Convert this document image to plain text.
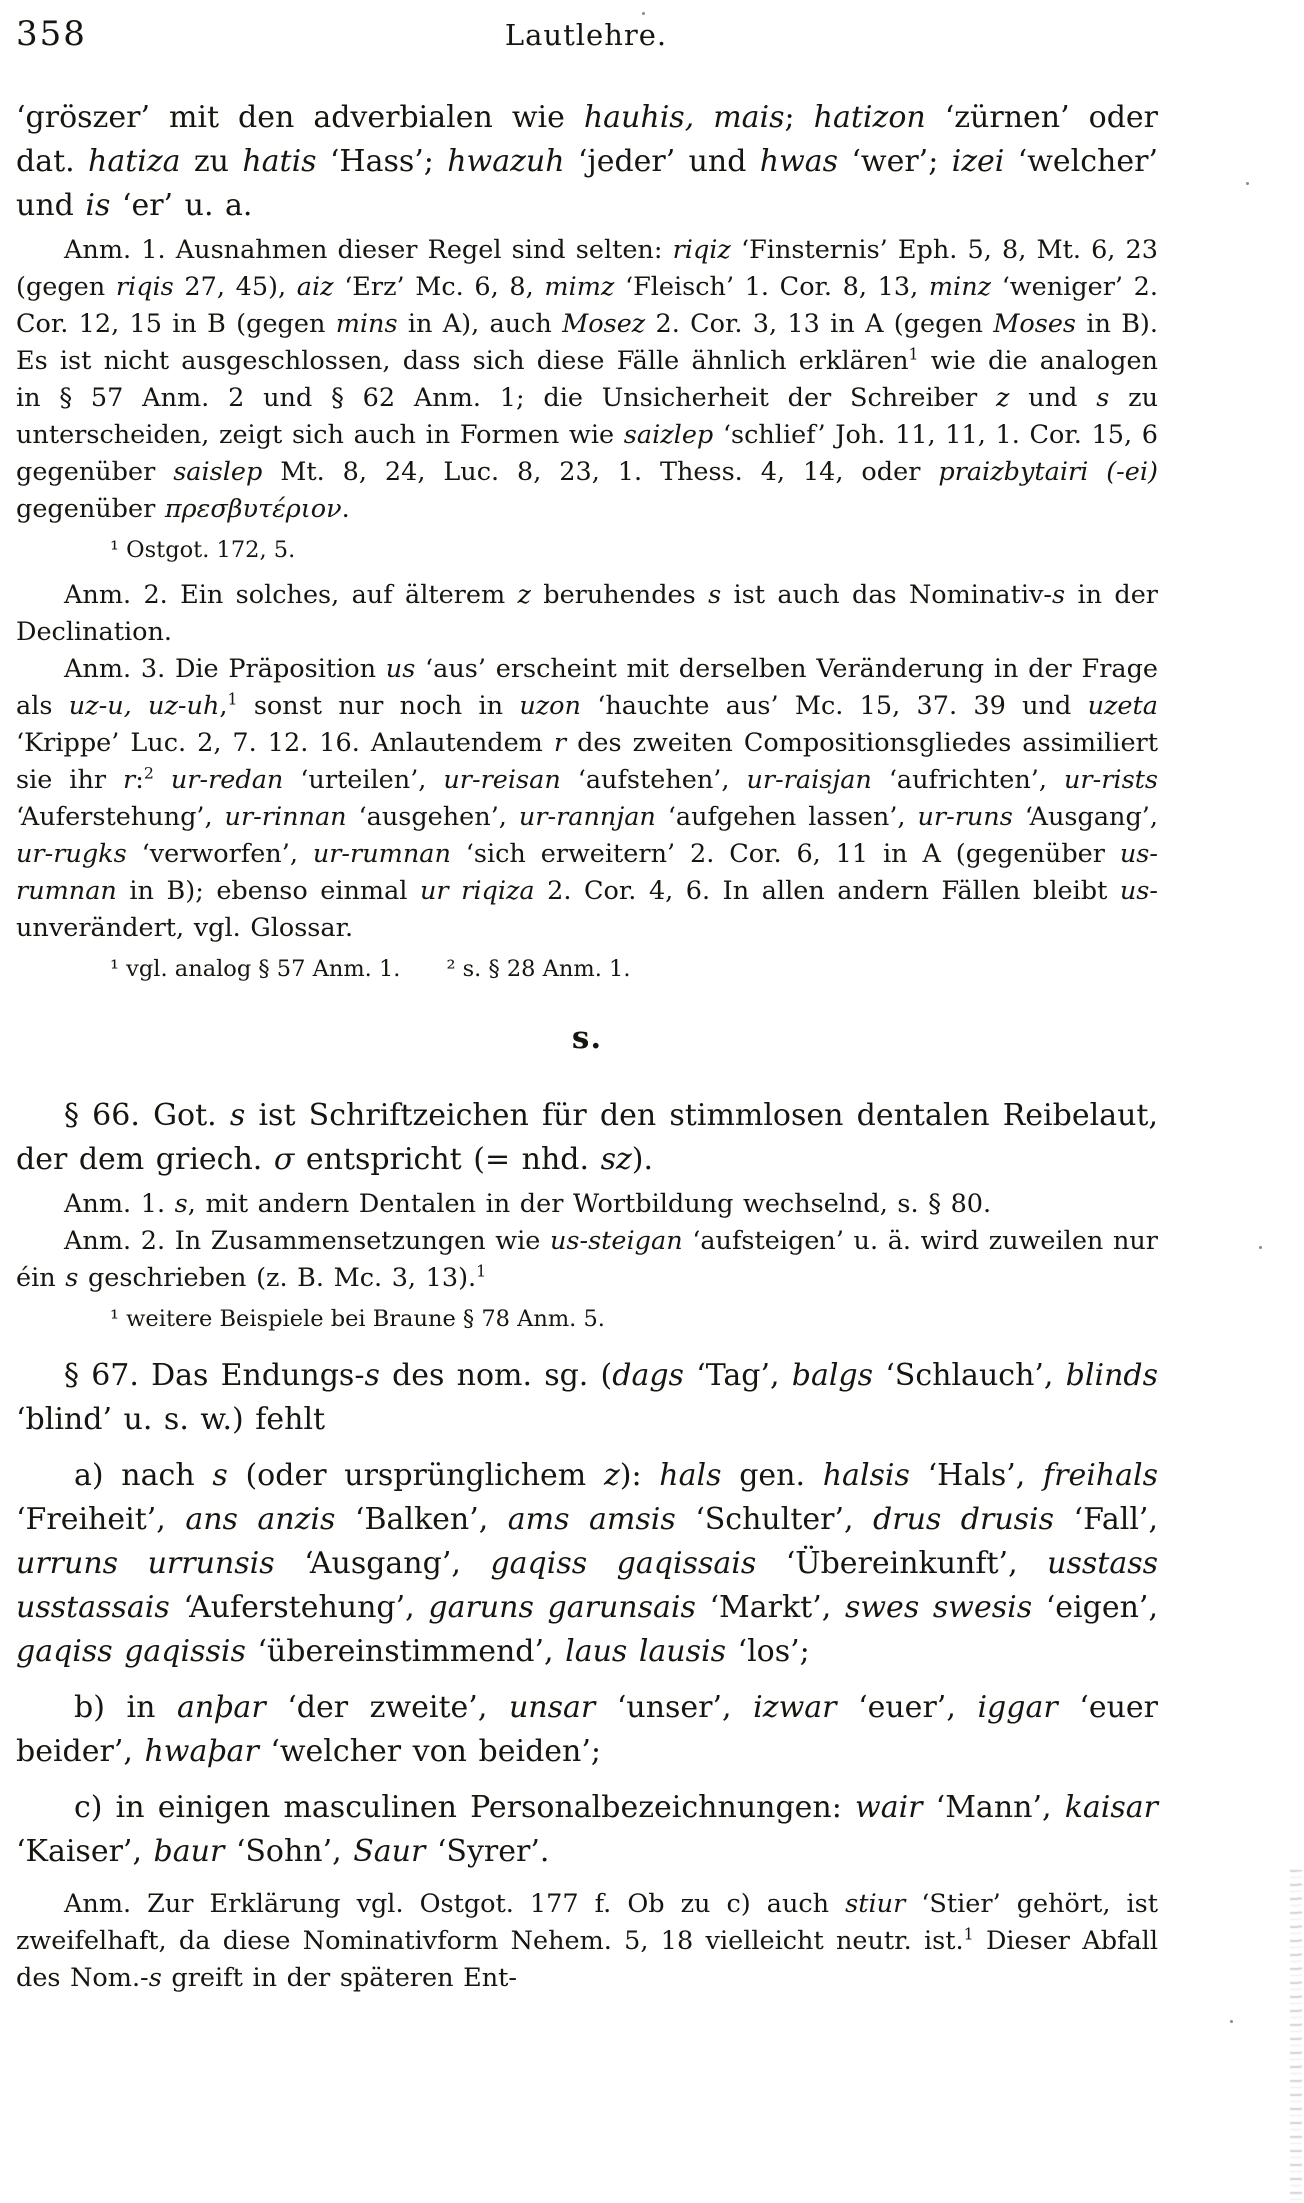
358	Lautlehre.

‘gröszer’ mit den adverbialen wie hauhis, mais; hatizon ‘zürnen’ oder dat. hatiza zu hatis ‘Hass’; hwazuh ‘jeder’ und hwas ‘wer’; izei ‘welcher’ und is ‘er’ u. a.

Anm. 1. Ausnahmen dieser Regel sind selten: riqiz ‘Finsternis’ Eph. 5, 8, Mt. 6, 23 (gegen riqis 27, 45), aiz ‘Erz’ Mc. 6, 8, mimz ‘Fleisch’ 1. Cor. 8, 13, minz ‘weniger’ 2. Cor. 12, 15 in B (gegen mins in A), auch Mosez 2. Cor. 3, 13 in A (gegen Moses in B). Es ist nicht ausgeschlossen, dass sich diese Fälle ähnlich erklären$^1$ wie die analogen in § 57 Anm. 2 und § 62 Anm. 1; die Unsicherheit der Schreiber z und s zu unterscheiden, zeigt sich auch in Formen wie saizlep ‘schlief’ Joh. 11, 11, 1. Cor. 15, 6 gegenüber saislep Mt. 8, 24, Luc. 8, 23, 1. Thess. 4, 14, oder praizbytairi (-ei) gegenüber πρεσβυτέριον.

¹ Ostgot. 172, 5.

Anm. 2. Ein solches, auf älterem z beruhendes s ist auch das Nominativ-s in der Declination.

Anm. 3. Die Präposition us ‘aus’ erscheint mit derselben Veränderung in der Frage als uz-u, uz-uh,$^1$ sonst nur noch in uzon ‘hauchte aus’ Mc. 15, 37. 39 und uzeta ‘Krippe’ Luc. 2, 7. 12. 16. Anlautendem r des zweiten Compositionsgliedes assimiliert sie ihr r:$^2$ ur-redan ‘urteilen’, ur-reisan ‘aufstehen’, ur-raisjan ‘aufrichten’, ur-rists ‘Auferstehung’, ur-rinnan ‘ausgehen’, ur-rannjan ‘aufgehen lassen’, ur-runs ‘Ausgang’, ur-rugks ‘verworfen’, ur-rumnan ‘sich erweitern’ 2. Cor. 6, 11 in A (gegenüber us-rumnan in B); ebenso einmal ur riqiza 2. Cor. 4, 6. In allen andern Fällen bleibt us- unverändert, vgl. Glossar.

¹ vgl. analog § 57 Anm. 1. ² s. § 28 Anm. 1.

s.

§ 66. Got. s ist Schriftzeichen für den stimmlosen dentalen Reibelaut, der dem griech. σ entspricht (= nhd. sz).

Anm. 1. s, mit andern Dentalen in der Wortbildung wechselnd, s. § 80.

Anm. 2. In Zusammensetzungen wie us-steigan ‘aufsteigen’ u. ä. wird zuweilen nur éin s geschrieben (z. B. Mc. 3, 13).$^1$

¹ weitere Beispiele bei Braune § 78 Anm. 5.

§ 67. Das Endungs-s des nom. sg. (dags ‘Tag’, balgs ‘Schlauch’, blinds ‘blind’ u. s. w.) fehlt

a) nach s (oder ursprünglichem z): hals gen. halsis ‘Hals’, freihals ‘Freiheit’, ans anzis ‘Balken’, ams amsis ‘Schulter’, drus drusis ‘Fall’, urruns urrunsis ‘Ausgang’, gaqiss gaqissais ‘Übereinkunft’, usstass usstassais ‘Auferstehung’, garuns garunsais ‘Markt’, swes swesis ‘eigen’, gaqiss gaqissis ‘übereinstimmend’, laus lausis ‘los’;

b) in anþar ‘der zweite’, unsar ‘unser’, izwar ‘euer’, iggar ‘euer beider’, hwaþar ‘welcher von beiden’;

c) in einigen masculinen Personalbezeichnungen: wair ‘Mann’, kaisar ‘Kaiser’, baur ‘Sohn’, Saur ‘Syrer’.

Anm. Zur Erklärung vgl. Ostgot. 177 f. Ob zu c) auch stiur ‘Stier’ gehört, ist zweifelhaft, da diese Nominativform Nehem. 5, 18 vielleicht neutr. ist.$^1$ Dieser Abfall des Nom.-s greift in der späteren Ent-
